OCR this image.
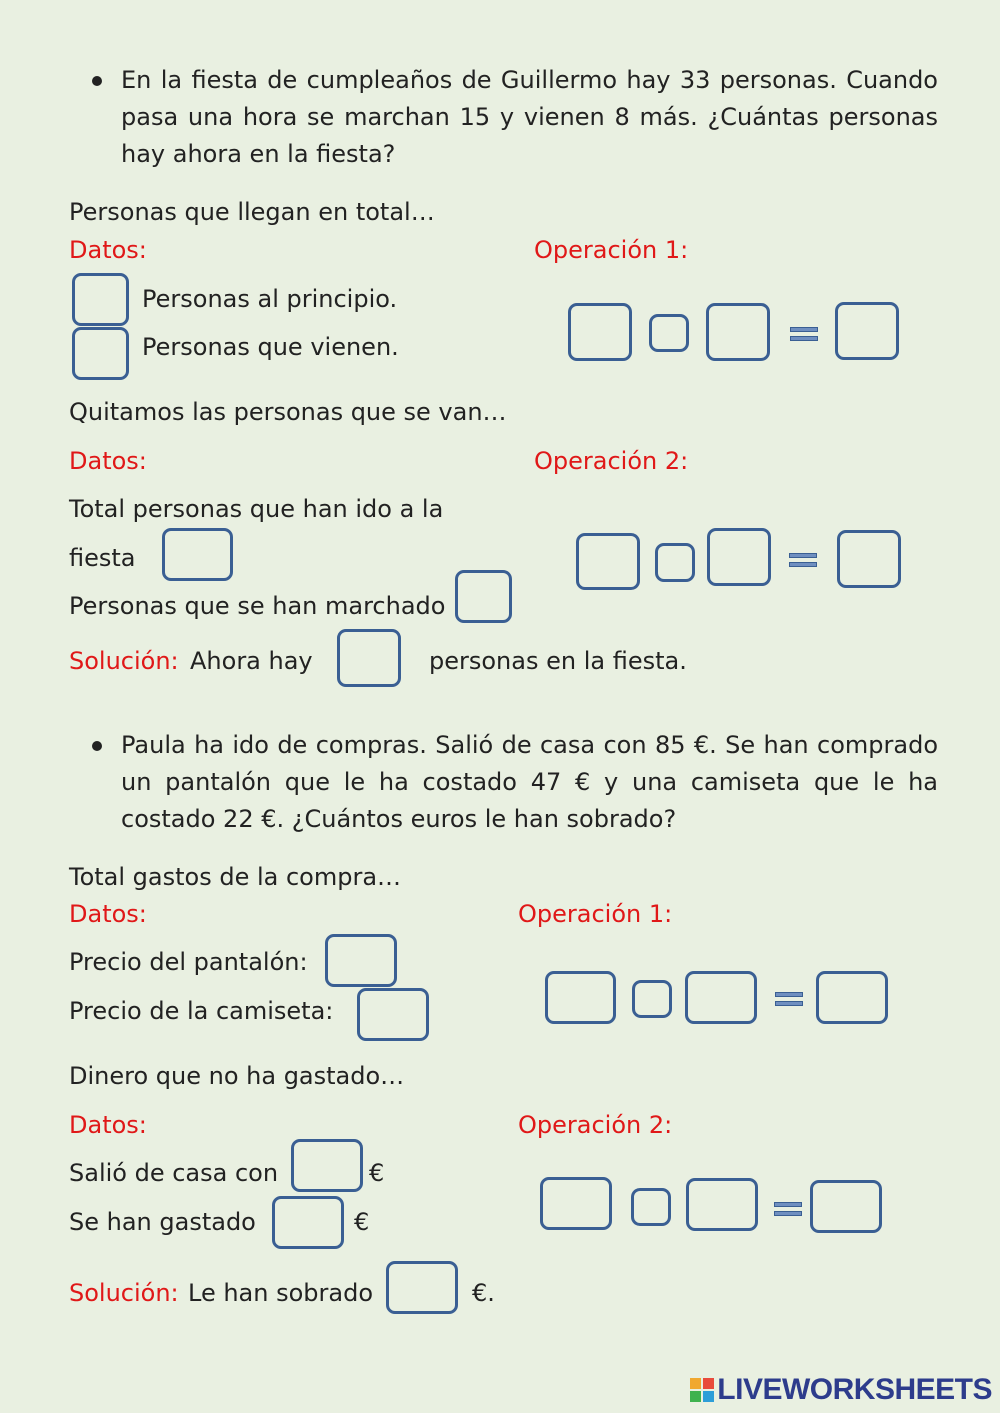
En la fiesta de cumpleaños de Guillermo hay 33 personas. Cuando pasa una hora se marchan 15 y vienen 8 más. ¿Cuántas personas hay ahora en la fiesta?
Personas que llegan en total…
Datos:	Operación 1:
Personas al principio.
Personas que vienen.
Quitamos las personas que se van…
Datos:	Operación 2:
Total personas que han ido a la
fiesta
Personas que se han marchado
Solución: Ahora hay	personas en la fiesta.
Paula ha ido de compras. Salió de casa con 85 €. Se han comprado un pantalón que le ha costado 47 € y una camiseta que le ha costado 22 €. ¿Cuántos euros le han sobrado?
Total gastos de la compra…
Datos:	Operación 1:
Precio del pantalón:
Precio de la camiseta:
Dinero que no ha gastado…
Datos:	Operación 2:
Salió de casa con	€
Se han gastado	€
Solución: Le han sobrado	€.
LIVEWORKSHEETS
